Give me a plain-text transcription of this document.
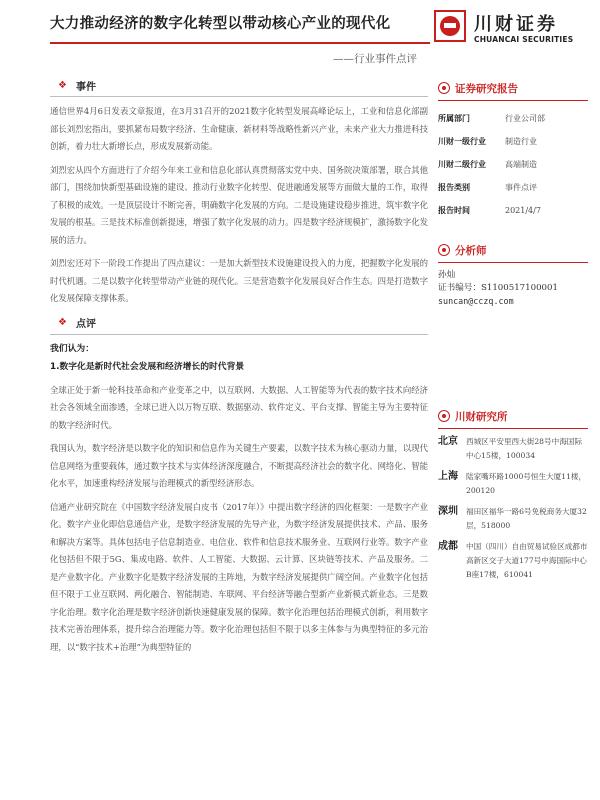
大力推动经济的数字化转型以带动核心产业的现代化	川财证券
CHUANCAI SECURITIES
——行业事件点评
❖ 事件

通信世界4月6日发表文章报道，在3月31召开的2021数字化转型发展高峰论坛上，工业和信息化部副部长刘烈宏指出，要抓紧布局数字经济、生命健康、新材料等战略性新兴产业，未来产业大力推进科技创新，着力壮大新增长点，形成发展新动能。

刘烈宏从四个方面进行了介绍今年来工业和信息化部认真贯彻落实党中央、国务院决策部署，联合其他部门，围绕加快新型基础设施的建设、推动行业数字化转型、促进融通发展等方面做大量的工作，取得了积极的成效。一是顶层设计不断完善，明确数字化发展的方向。二是设施建设稳步推进，筑牢数字化发展的根基。三是技术标准创新提速，增强了数字化发展的动力。四是数字经济规模扩，激扬数字化发展的活力。

刘烈宏还对下一阶段工作提出了四点建议：一是加大新型技术设施建设投入的力度，把握数字化发展的时代机遇。二是以数字化转型带动产业链的现代化。三是营造数字化发展良好合作生态。四是打造数字化发展保障支撑体系。

❖ 点评
我们认为：
1.数字化是新时代社会发展和经济增长的时代背景

全球正处于新一轮科技革命和产业变革之中，以互联网、大数据、人工智能等为代表的数字技术向经济社会各领域全面渗透，全球已进入以万物互联、数据驱动、软件定义、平台支撑、智能主导为主要特征的数字经济时代。

我国认为，数字经济是以数字化的知识和信息作为关键生产要素，以数字技术为核心驱动力量，以现代信息网络为重要载体，通过数字技术与实体经济深度融合，不断提高经济社会的数字化、网络化、智能化水平，加速重构经济发展与治理模式的新型经济形态。

信通产业研究院在《中国数字经济发展白皮书（2017年）》中提出数字经济的四化框架：一是数字产业化。数字产业化即信息通信产业，是数字经济发展的先导产业，为数字经济发展提供技术、产品、服务和解决方案等。具体包括电子信息制造业、电信业、软件和信息技术服务业、互联网行业等。数字产业化包括但不限于5G、集成电路、软件、人工智能、大数据、云计算、区块链等技术、产品及服务。二是产业数字化。产业数字化是数字经济发展的主阵地，为数字经济发展提供广阔空间。产业数字化包括但不限于工业互联网、两化融合、智能制造、车联网、平台经济等融合型新产业新模式新业态。三是数字化治理。数字化治理是数字经济创新快速健康发展的保障。数字化治理包括治理模式创新，利用数字技术完善治理体系，提升综合治理能力等。数字化治理包括但不限于以多主体参与为典型特征的多元治理，以“数字技术+治理”为典型特征的

证券研究报告
所属部门	行业公司部
川财一级行业	制造行业
川财二级行业	高端制造
报告类别	事件点评
报告时间	2021/4/7
分析师
孙灿
证书编号：S1100517100001
suncan@cczq.com
川财研究所
北京	西城区平安里西大街28号中海国际中心15楼，100034
上海	陆家嘴环路1000号恒生大厦11楼，200120
深圳	福田区福华一路6号免税商务大厦32层，518000
成都	中国（四川）自由贸易试验区成都市高新区交子大道177号中海国际中心B座17楼，610041
